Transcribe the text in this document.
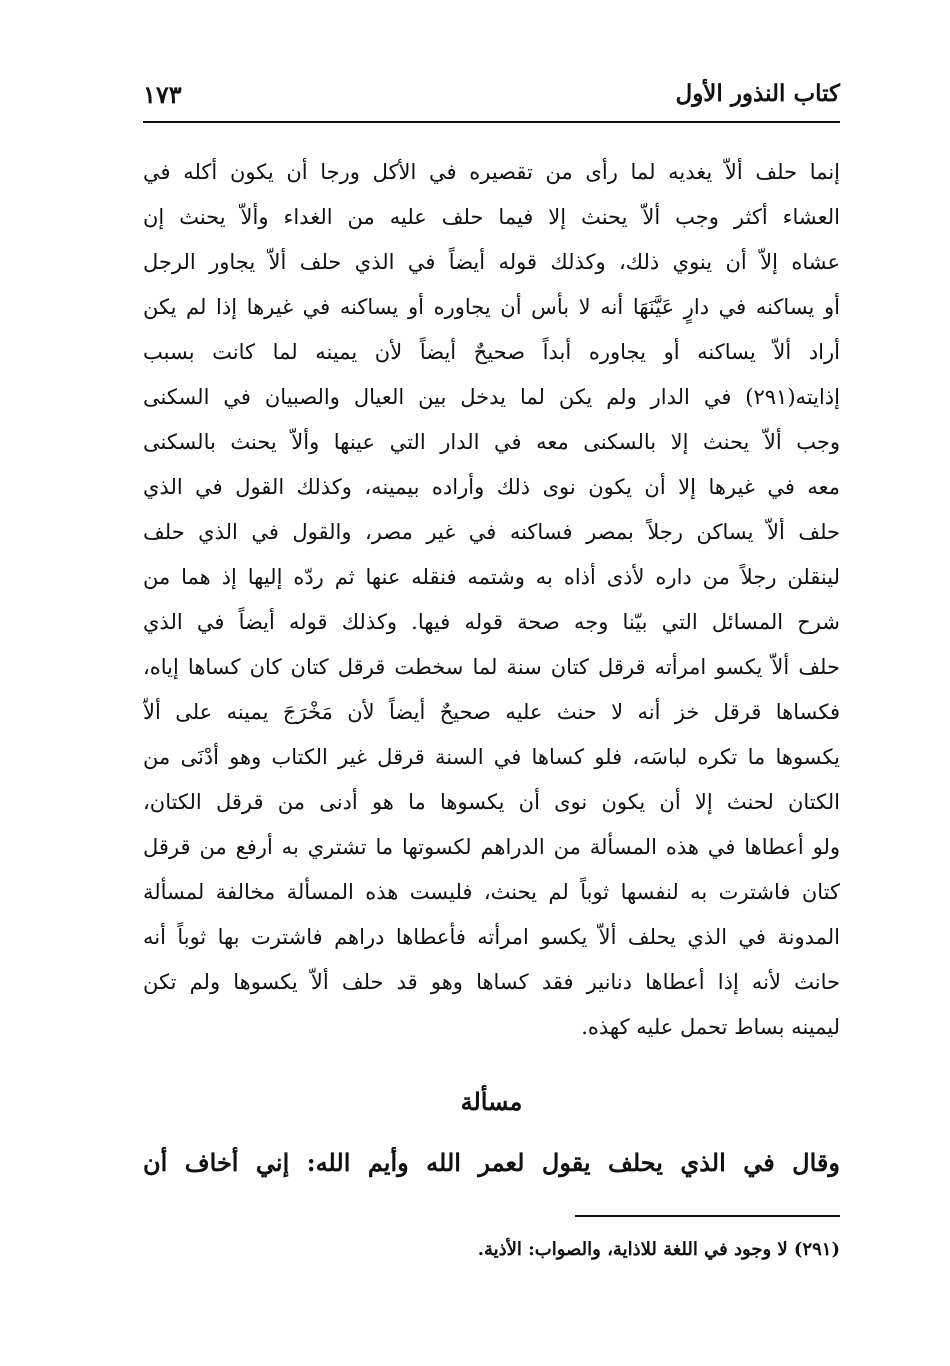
كتاب النذور الأول
١٧٣
إنما حلف ألاّ يغديه لما رأى من تقصيره في الأكل ورجا أن يكون أكله في
العشاء أكثر وجب ألاّ يحنث إلا فيما حلف عليه من الغداء وألاّ يحنث إن
عشاه إلاّ أن ينوي ذلك، وكذلك قوله أيضاً في الذي حلف ألاّ يجاور الرجل
أو يساكنه في دارٍ عَيَّنَهَا أنه لا بأس أن يجاوره أو يساكنه في غيرها إذا لم يكن
أراد ألاّ يساكنه أو يجاوره أبداً صحيحٌ أيضاً لأن يمينه لما كانت بسبب
إذايته(٢٩١) في الدار ولم يكن لما يدخل بين العيال والصبيان في السكنى
وجب ألاّ يحنث إلا بالسكنى معه في الدار التي عينها وألاّ يحنث بالسكنى
معه في غيرها إلا أن يكون نوى ذلك وأراده بيمينه، وكذلك القول في الذي
حلف ألاّ يساكن رجلاً بمصر فساكنه في غير مصر، والقول في الذي حلف
لينقلن رجلاً من داره لأذى أذاه به وشتمه فنقله عنها ثم ردّه إليها إذ هما من
شرح المسائل التي بيّنا وجه صحة قوله فيها. وكذلك قوله أيضاً في الذي
حلف ألاّ يكسو امرأته قرقل كتان سنة لما سخطت قرقل كتان كان كساها إياه،
فكساها قرقل خز أنه لا حنث عليه صحيحٌ أيضاً لأن مَخْرَجَ يمينه على ألاّ
يكسوها ما تكره لباسَه، فلو كساها في السنة قرقل غير الكتاب وهو أدْنَى من
الكتان لحنث إلا أن يكون نوى أن يكسوها ما هو أدنى من قرقل الكتان،
ولو أعطاها في هذه المسألة من الدراهم لكسوتها ما تشتري به أرفع من قرقل
كتان فاشترت به لنفسها ثوباً لم يحنث، فليست هذه المسألة مخالفة لمسألة
المدونة في الذي يحلف ألاّ يكسو امرأته فأعطاها دراهم فاشترت بها ثوباً أنه
حانث لأنه إذا أعطاها دنانير فقد كساها وهو قد حلف ألاّ يكسوها ولم تكن
ليمينه بساط تحمل عليه كهذه.
مسألة
وقال في الذي يحلف يقول لعمر الله وأيم الله: إني أخاف أن
(٢٩١) لا وجود في اللغة للاذاية، والصواب: الأذية.
